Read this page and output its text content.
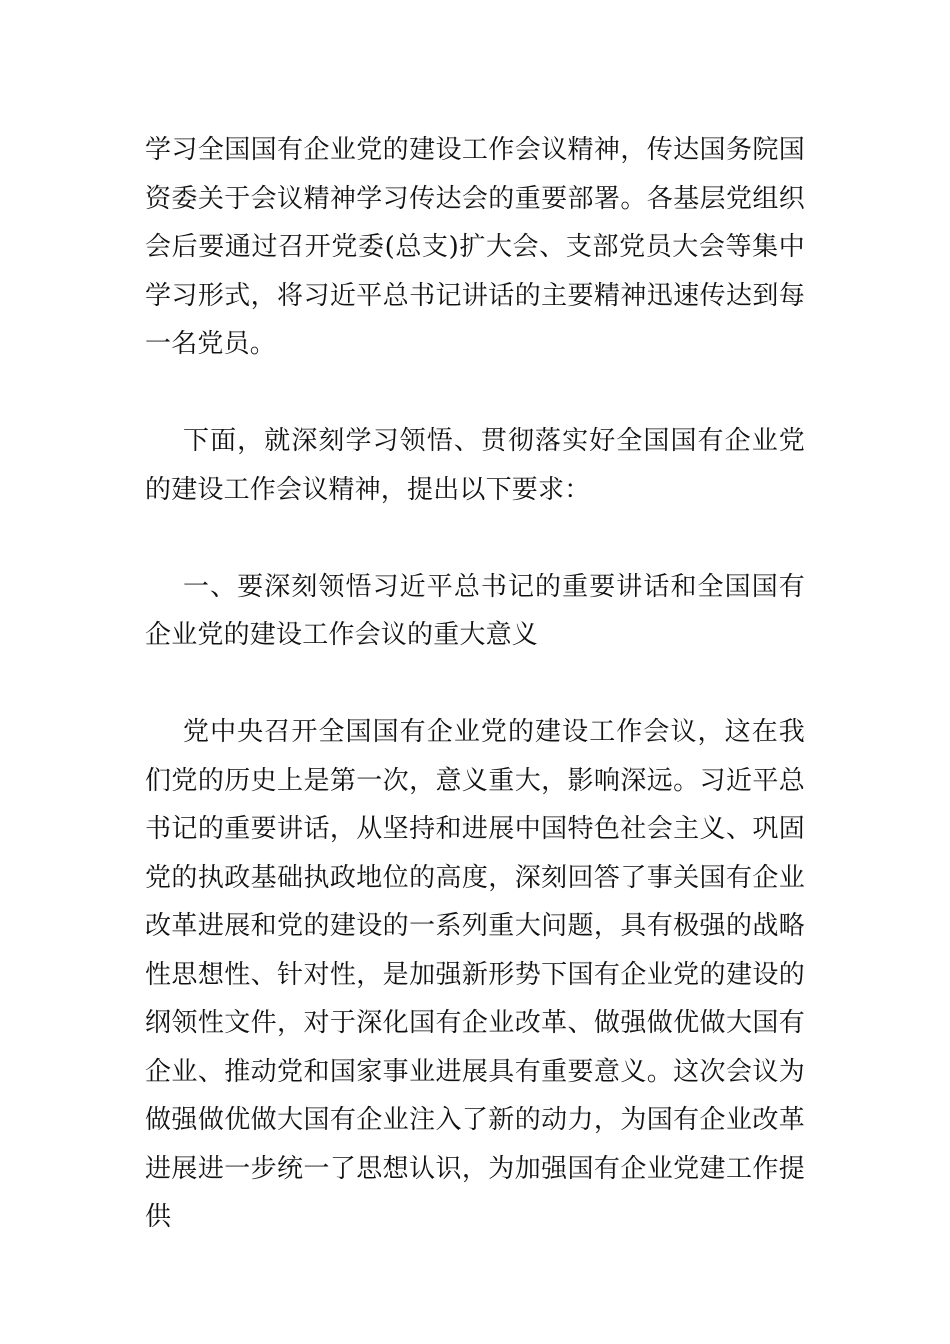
学习全国国有企业党的建设工作会议精神，传达国务院国资委关于会议精神学习传达会的重要部署。各基层党组织会后要通过召开党委(总支)扩大会、支部党员大会等集中学习形式，将习近平总书记讲话的主要精神迅速传达到每一名党员。

下面，就深刻学习领悟、贯彻落实好全国国有企业党的建设工作会议精神，提出以下要求：

一、要深刻领悟习近平总书记的重要讲话和全国国有企业党的建设工作会议的重大意义

党中央召开全国国有企业党的建设工作会议，这在我们党的历史上是第一次，意义重大，影响深远。习近平总书记的重要讲话，从坚持和进展中国特色社会主义、巩固党的执政基础执政地位的高度，深刻回答了事关国有企业改革进展和党的建设的一系列重大问题，具有极强的战略性思想性、针对性，是加强新形势下国有企业党的建设的纲领性文件，对于深化国有企业改革、做强做优做大国有企业、推动党和国家事业进展具有重要意义。这次会议为做强做优做大国有企业注入了新的动力，为国有企业改革进展进一步统一了思想认识，为加强国有企业党建工作提供
